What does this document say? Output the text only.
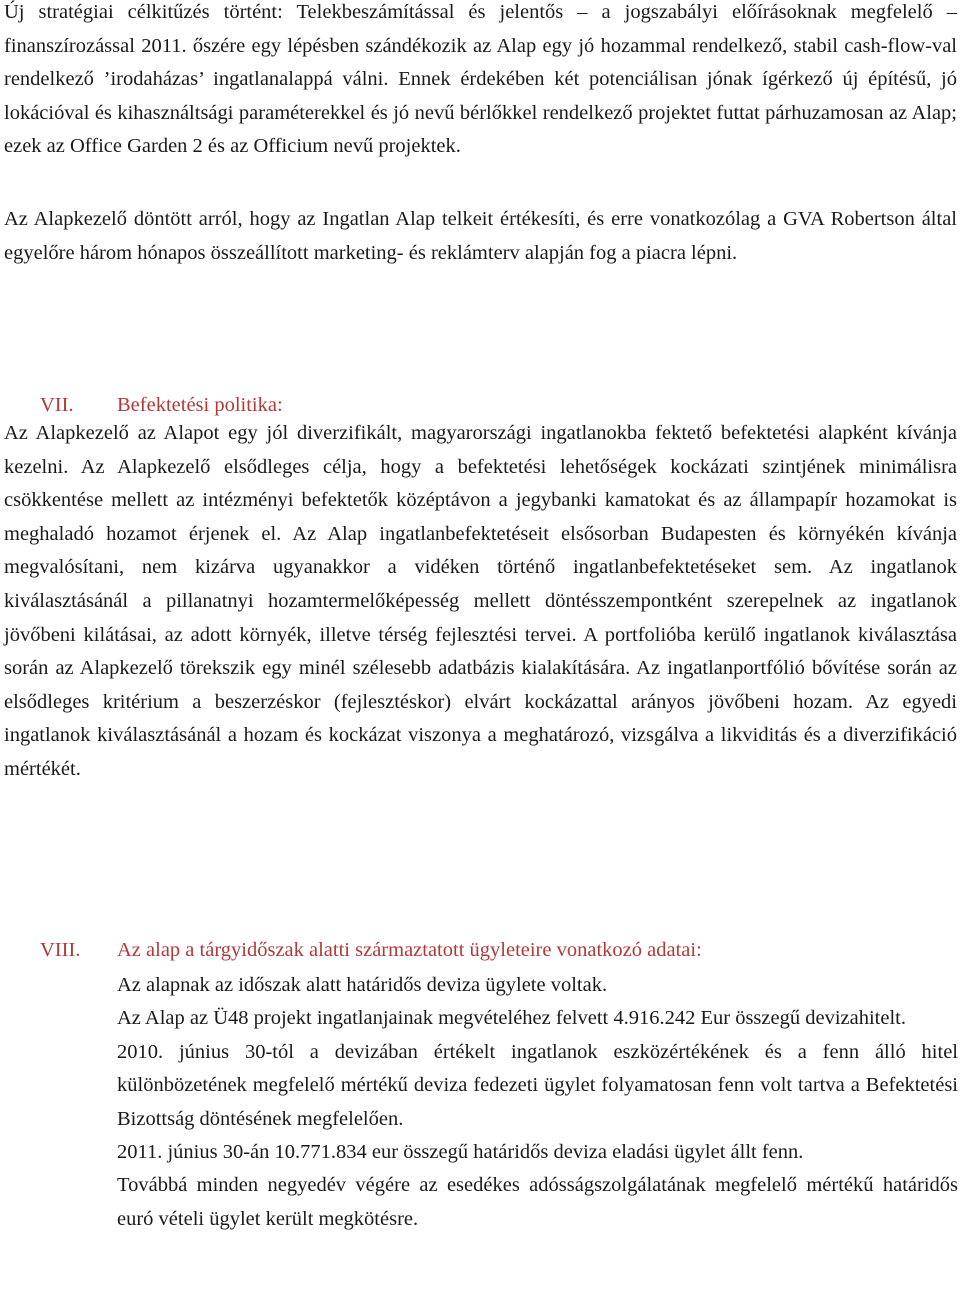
Új stratégiai célkitűzés történt: Telekbeszámítással és jelentős – a jogszabályi előírásoknak megfelelő – finanszírozással 2011. őszére egy lépésben szándékozik az Alap egy jó hozammal rendelkező, stabil cash-flow-val rendelkező ’irodaházas’ ingatlanalappá válni. Ennek érdekében két potenciálisan jónak ígérkező új építésű, jó lokációval és kihasználtsági paraméterekkel és jó nevű bérlőkkel rendelkező projektet futtat párhuzamosan az Alap; ezek az Office Garden 2 és az Officium nevű projektek.

Az Alapkezelő döntött arról, hogy az Ingatlan Alap telkeit értékesíti, és erre vonatkozólag a GVA Robertson által egyelőre három hónapos összeállított marketing- és reklámterv alapján fog a piacra lépni.

VII. Befektetési politika:

Az Alapkezelő az Alapot egy jól diverzifikált, magyarországi ingatlanokba fektető befektetési alapként kívánja kezelni. Az Alapkezelő elsődleges célja, hogy a befektetési lehetőségek kockázati szintjének minimálisra csökkentése mellett az intézményi befektetők középtávon a jegybanki kamatokat és az állampapír hozamokat is meghaladó hozamot érjenek el. Az Alap ingatlanbefektetéseit elsősorban Budapesten és környékén kívánja megvalósítani, nem kizárva ugyanakkor a vidéken történő ingatlanbefektetéseket sem. Az ingatlanok kiválasztásánál a pillanatnyi hozamtermelőképesség mellett döntésszempontként szerepelnek az ingatlanok jövőbeni kilátásai, az adott környék, illetve térség fejlesztési tervei. A portfolióba kerülő ingatlanok kiválasztása során az Alapkezelő törekszik egy minél szélesebb adatbázis kialakítására. Az ingatlanportfólió bővítése során az elsődleges kritérium a beszerzéskor (fejlesztéskor) elvárt kockázattal arányos jövőbeni hozam. Az egyedi ingatlanok kiválasztásánál a hozam és kockázat viszonya a meghatározó, vizsgálva a likviditás és a diverzifikáció mértékét.

VIII. Az alap a tárgyidőszak alatti származtatott ügyleteire vonatkozó adatai:

Az alapnak az időszak alatt határidős deviza ügylete voltak.

Az Alap az Ü48 projekt ingatlanjainak megvételéhez felvett 4.916.242 Eur összegű devizahitelt.

2010. június 30-tól a devizában értékelt ingatlanok eszközértékének és a fenn álló hitel különbözetének megfelelő mértékű deviza fedezeti ügylet folyamatosan fenn volt tartva a Befektetési Bizottság döntésének megfelelően.

2011. június 30-án 10.771.834 eur összegű határidős deviza eladási ügylet állt fenn.

Továbbá minden negyedév végére az esedékes adósságszolgálatának megfelelő mértékű határidős euró vételi ügylet került megkötésre.
